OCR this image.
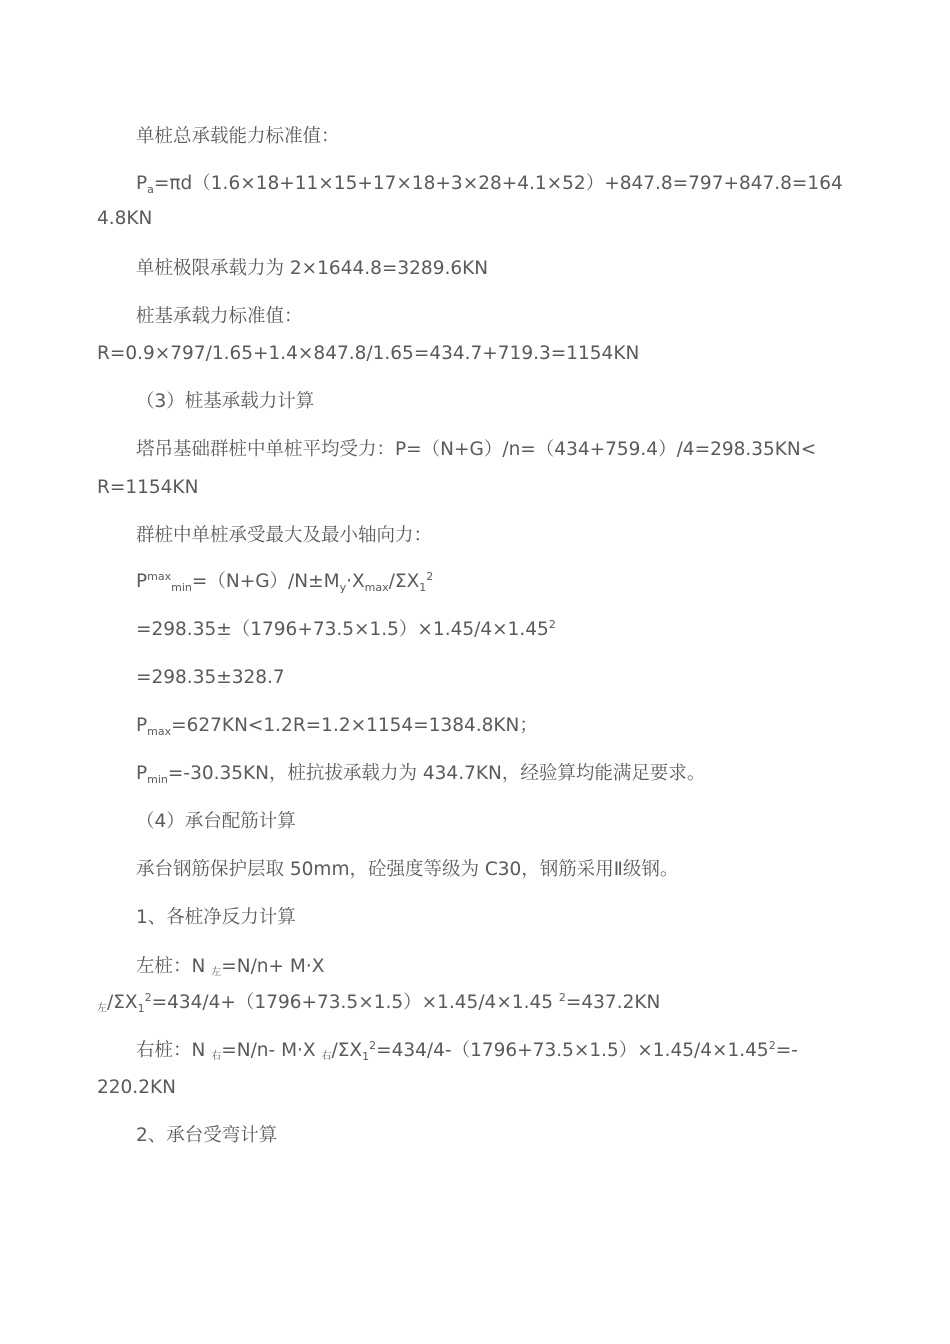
单桩总承载能力标准值：
$P_a=\pi d(1.6\times 18+11\times 15+17\times 18+3\times 28+4.1\times 52)+847.8=797+847.8=164$
4.8KN
单桩极限承载力为 2×1644.8=3289.6KN
桩基承载力标准值：
R=0.9×797/1.65+1.4×847.8/1.65=434.7+719.3=1154KN
（3）桩基承载力计算
塔吊基础群桩中单桩平均受力：P=（N+G）/n=（434+759.4）/4=298.35KN<
R=1154KN
群桩中单桩承受最大及最小轴向力：
$P^{max}_{min}=(N+G)/N\pm M_y\cdot X_{max}/\Sigma X_1^2$
$=298.35\pm(1796+73.5\times 1.5)\times 1.45/4\times 1.45^2$
=298.35±328.7
$P_{max}=627KN<1.2R=1.2\times 1154=1384.8KN$；
$P_{min}=-30.35KN$，桩抗拔承载力为 434.7KN，经验算均能满足要求。
（4）承台配筋计算
承台钢筋保护层取 50mm，砼强度等级为 C30，钢筋采用Ⅱ级钢。
1、各桩净反力计算
左桩：N 左=N/n+ M·X
左$/\Sigma X_1^2=434/4+(1796+73.5\times 1.5)\times 1.45/4\times 1.45$ $^2$=437.2KN
右桩：N 右=N/n- M·X 右$/\Sigma X_1^2=434/4-(1796+73.5\times 1.5)\times 1.45/4\times 1.45^2=-$
220.2KN
2、承台受弯计算
